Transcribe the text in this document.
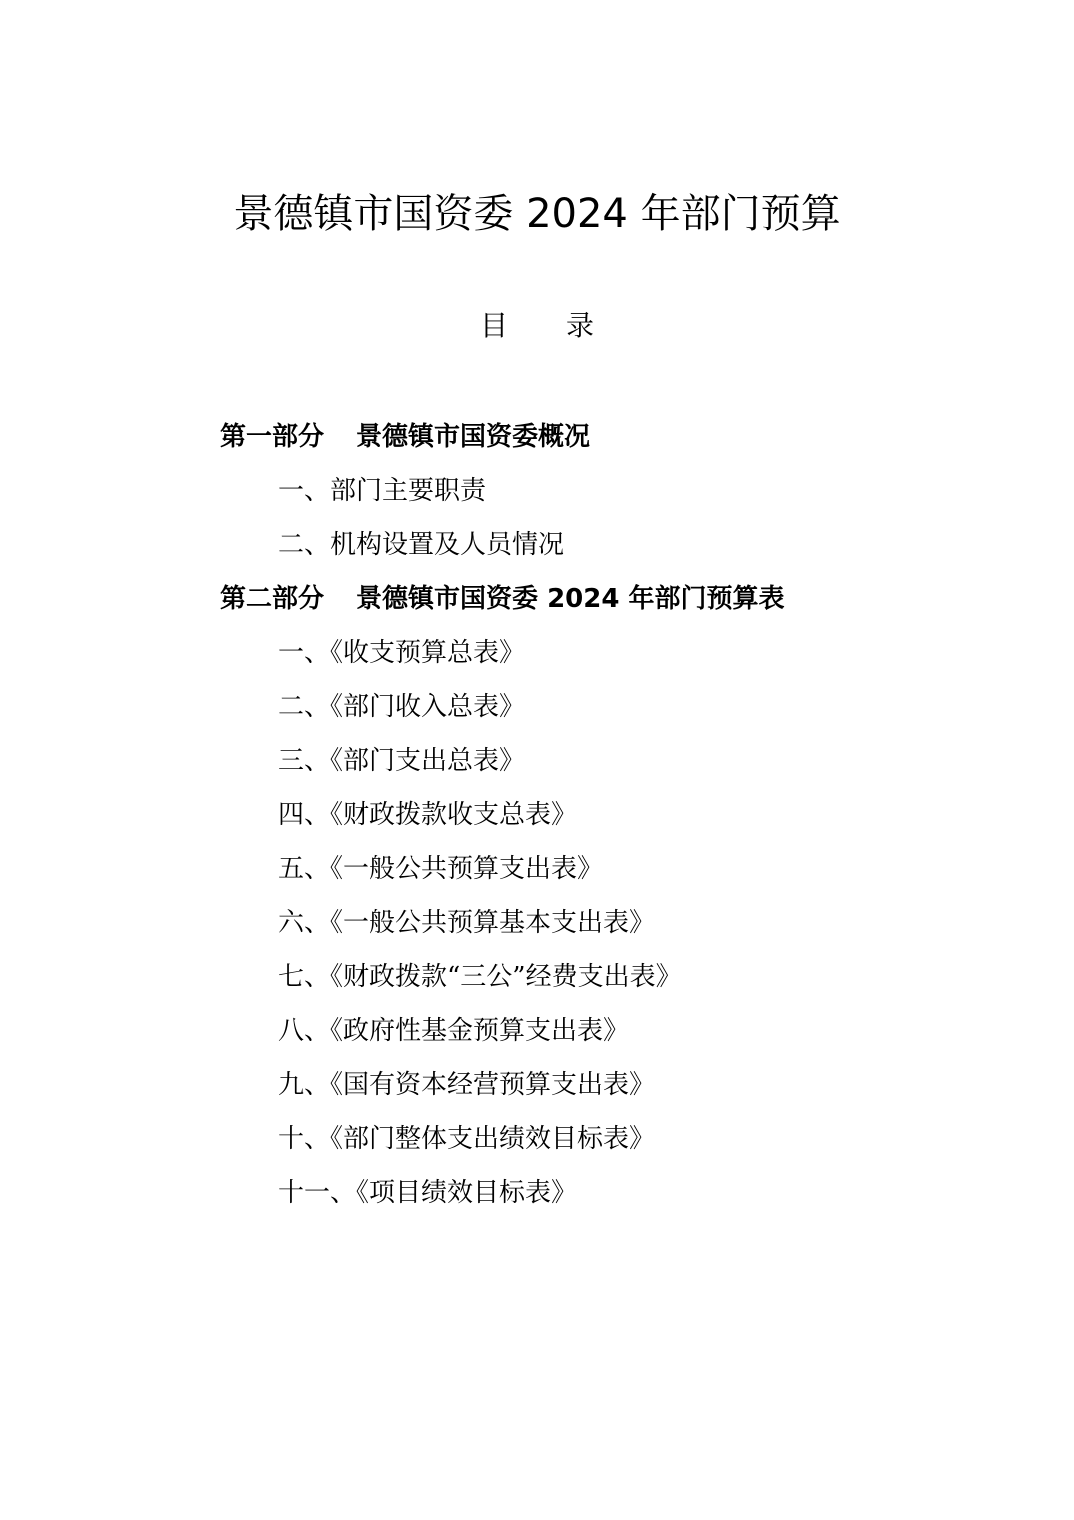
景德镇市国资委 2024 年部门预算
目录
第一部分 景德镇市国资委概况
一、部门主要职责
二、机构设置及人员情况
第二部分 景德镇市国资委 2024 年部门预算表
一、《收支预算总表》
二、《部门收入总表》
三、《部门支出总表》
四、《财政拨款收支总表》
五、《一般公共预算支出表》
六、《一般公共预算基本支出表》
七、《财政拨款“三公”经费支出表》
八、《政府性基金预算支出表》
九、《国有资本经营预算支出表》
十、《部门整体支出绩效目标表》
十一、《项目绩效目标表》
